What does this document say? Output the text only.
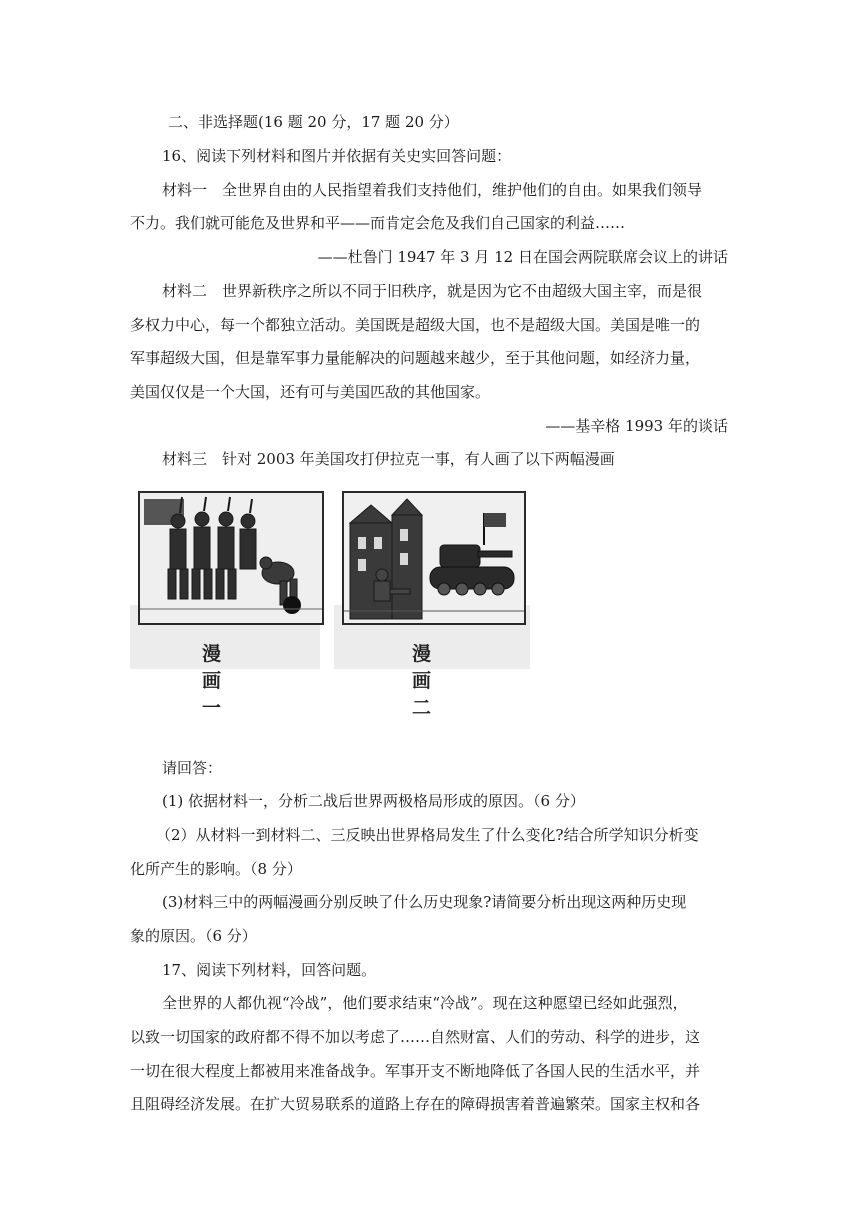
二、非选择题(16 题 20 分，17 题 20 分）
16、阅读下列材料和图片并依据有关史实回答问题：
材料一　全世界自由的人民指望着我们支持他们，维护他们的自由。如果我们领导
不力。我们就可能危及世界和平——而肯定会危及我们自己国家的利益……
——杜鲁门 1947 年 3 月 12 日在国会两院联席会议上的讲话
材料二　世界新秩序之所以不同于旧秩序，就是因为它不由超级大国主宰，而是很
多权力中心，每一个都独立活动。美国既是超级大国，也不是超级大国。美国是唯一的
军事超级大国，但是靠军事力量能解决的问题越来越少，至于其他问题，如经济力量，
美国仅仅是一个大国，还有可与美国匹敌的其他国家。
——基辛格 1993 年的谈话
材料三　针对 2003 年美国攻打伊拉克一事，有人画了以下两幅漫画
漫画一
漫画二
请回答：
(1) 依据材料一，分析二战后世界两极格局形成的原因。（6 分）
（2）从材料一到材料二、三反映出世界格局发生了什么变化?结合所学知识分析变
化所产生的影响。（8 分）
(3)材料三中的两幅漫画分别反映了什么历史现象?请简要分析出现这两种历史现
象的原因。（6 分）
17、阅读下列材料，回答问题。
全世界的人都仇视“冷战”，他们要求结束“冷战”。现在这种愿望已经如此强烈，
以致一切国家的政府都不得不加以考虑了……自然财富、人们的劳动、科学的进步，这
一切在很大程度上都被用来准备战争。军事开支不断地降低了各国人民的生活水平，并
且阻碍经济发展。在扩大贸易联系的道路上存在的障碍损害着普遍繁荣。国家主权和各
